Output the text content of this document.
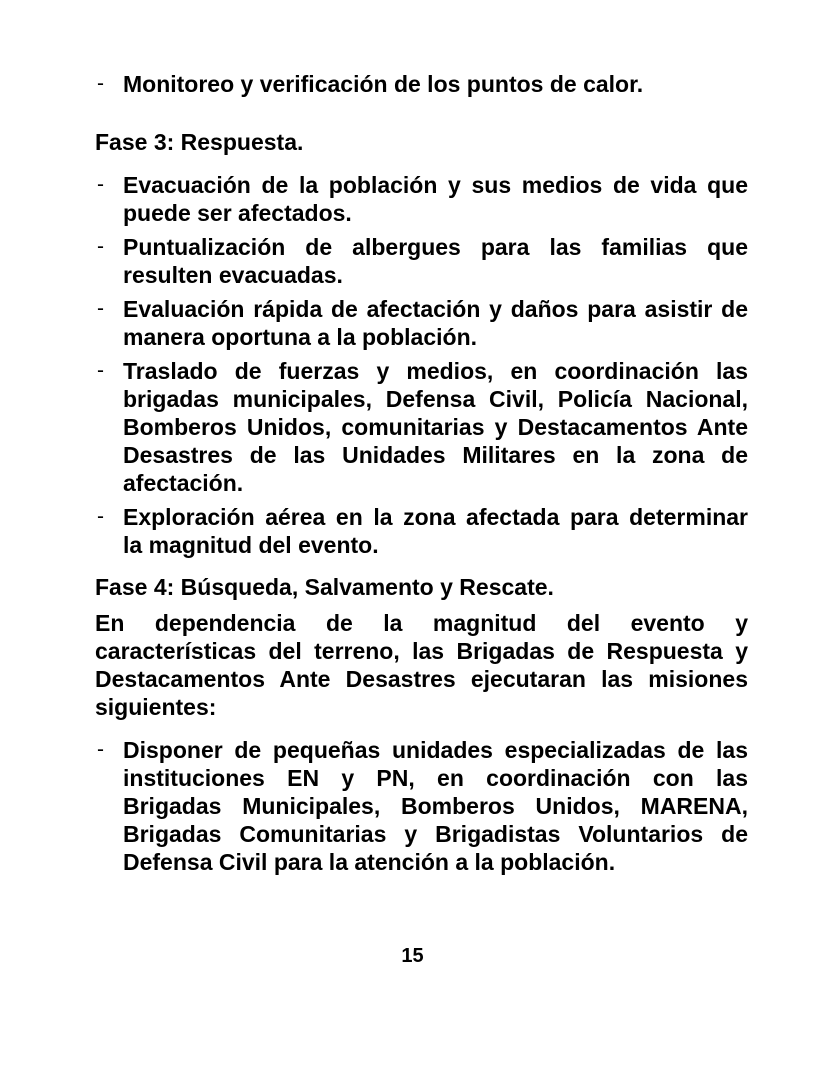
- Monitoreo y verificación de los puntos de calor.
Fase 3: Respuesta.
- Evacuación de la población y sus medios de vida que
puede ser afectados.
- Puntualización de albergues para las familias que
resulten evacuadas.
- Evaluación rápida de afectación y daños para asistir de
manera oportuna a la población.
- Traslado de fuerzas y medios, en coordinación las
brigadas municipales, Defensa Civil, Policía Nacional,
Bomberos Unidos, comunitarias y Destacamentos Ante
Desastres de las Unidades Militares en la zona de
afectación.
- Exploración aérea en la zona afectada para determinar
la magnitud del evento.
Fase 4: Búsqueda, Salvamento y Rescate.
En dependencia de la magnitud del evento y
características del terreno, las Brigadas de Respuesta y
Destacamentos Ante Desastres ejecutaran las misiones
siguientes:
- Disponer de pequeñas unidades especializadas de las
instituciones EN y PN, en coordinación con las
Brigadas Municipales, Bomberos Unidos, MARENA,
Brigadas Comunitarias y Brigadistas Voluntarios de
Defensa Civil para la atención a la población.
15
